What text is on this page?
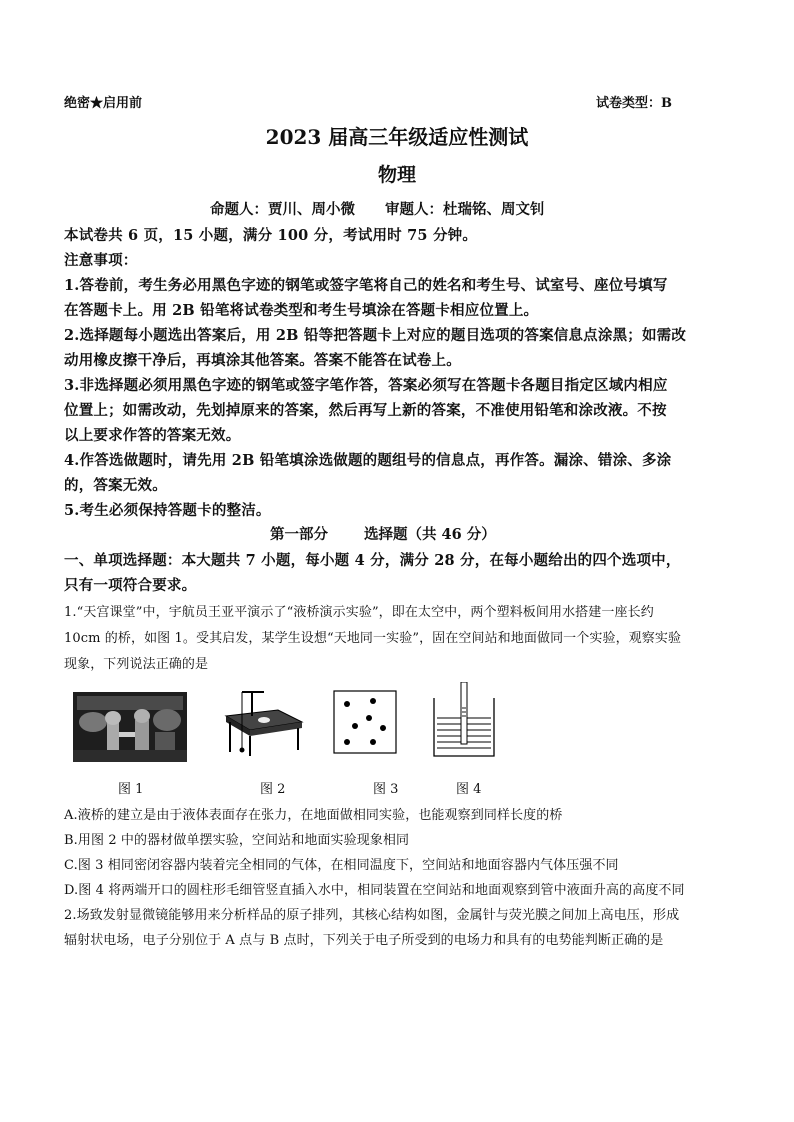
绝密★启用前	试卷类型：B
2023 届高三年级适应性测试
物理
命题人：贾川、周小微 审题人：杜瑞铭、周文钊
本试卷共 6 页，15 小题，满分 100 分，考试用时 75 分钟。
注意事项：
1.答卷前，考生务必用黑色字迹的钢笔或签字笔将自己的姓名和考生号、试室号、座位号填写
在答题卡上。用 2B 铅笔将试卷类型和考生号填涂在答题卡相应位置上。
2.选择题每小题选出答案后，用 2B 铅等把答题卡上对应的题目选项的答案信息点涂黑；如需改
动用橡皮擦干净后，再填涂其他答案。答案不能答在试卷上。
3.非选择题必须用黑色字迹的钢笔或签字笔作答，答案必须写在答题卡各题目指定区域内相应
位置上；如需改动，先划掉原来的答案，然后再写上新的答案，不准使用铅笔和涂改液。不按
以上要求作答的答案无效。
4.作答选做题时，请先用 2B 铅笔填涂选做题的题组号的信息点，再作答。漏涂、错涂、多涂
的，答案无效。
5.考生必须保持答题卡的整洁。
第一部分 选择题（共 46 分）
一、单项选择题：本大题共 7 小题，每小题 4 分，满分 28 分，在每小题给出的四个选项中，
只有一项符合要求。
1.“天宫课堂”中，宇航员王亚平演示了“液桥演示实验”，即在太空中，两个塑料板间用水搭建一座长约
10cm 的桥，如图 1。受其启发，某学生设想“天地同一实验”，固在空间站和地面做同一个实验，观察实验
现象，下列说法正确的是
图 1	图 2	图 3	图 4
A.液桥的建立是由于液体表面存在张力，在地面做相同实验，也能观察到同样长度的桥
B.用图 2 中的器材做单摆实验，空间站和地面实验现象相同
C.图 3 相同密闭容器内装着完全相同的气体，在相同温度下，空间站和地面容器内气体压强不同
D.图 4 将两端开口的圆柱形毛细管竖直插入水中，相同装置在空间站和地面观察到管中液面升高的高度不同
2.场致发射显微镜能够用来分析样品的原子排列，其核心结构如图，金属针与荧光膜之间加上高电压，形成
辐射状电场，电子分别位于 A 点与 B 点时，下列关于电子所受到的电场力和具有的电势能判断正确的是
